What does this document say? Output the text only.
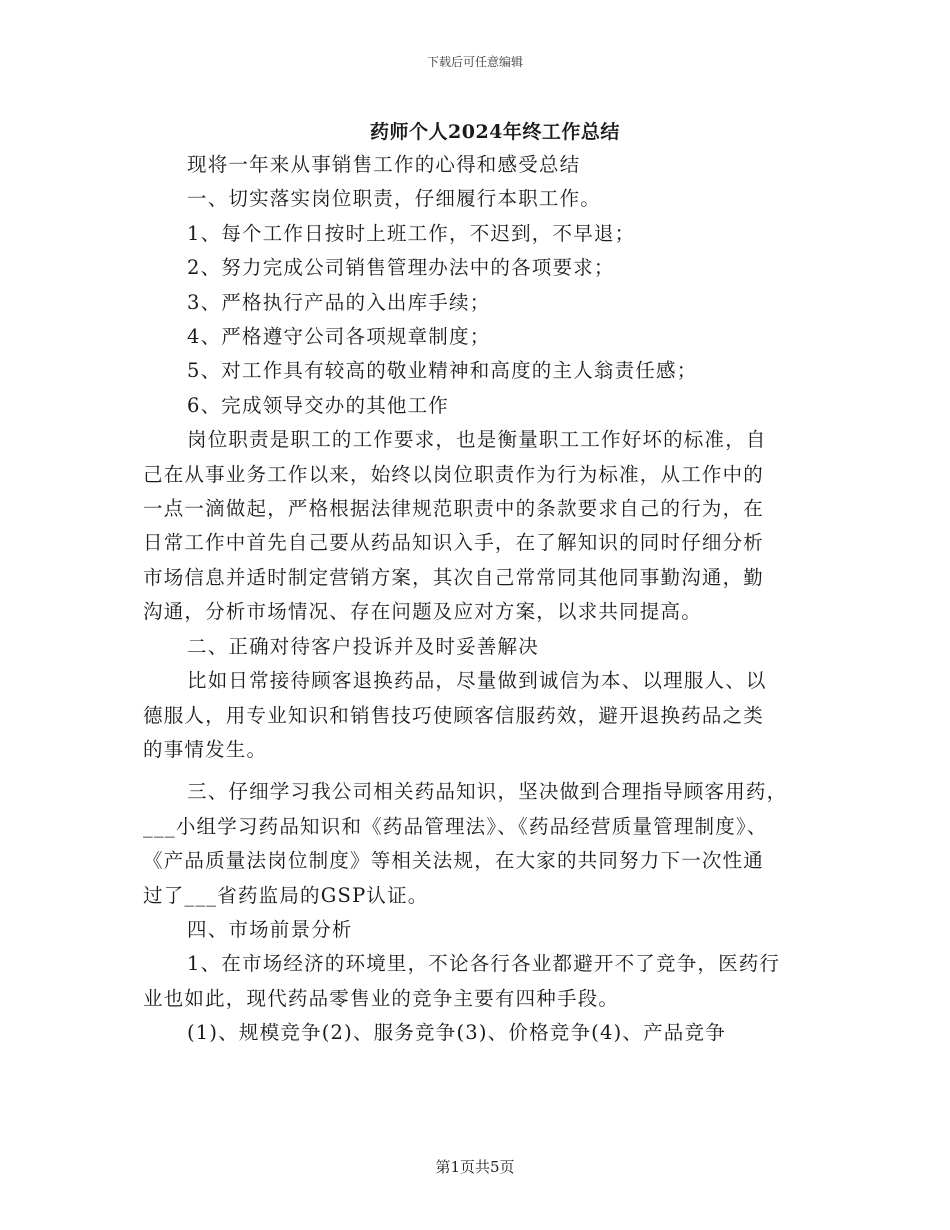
下载后可任意编辑
药师个人2024年终工作总结

现将一年来从事销售工作的心得和感受总结

一、切实落实岗位职责，仔细履行本职工作。

1、每个工作日按时上班工作，不迟到，不早退；

2、努力完成公司销售管理办法中的各项要求；

3、严格执行产品的入出库手续；

4、严格遵守公司各项规章制度；

5、对工作具有较高的敬业精神和高度的主人翁责任感；

6、完成领导交办的其他工作

岗位职责是职工的工作要求，也是衡量职工工作好坏的标准，自

己在从事业务工作以来，始终以岗位职责作为行为标准，从工作中的

一点一滴做起，严格根据法律规范职责中的条款要求自己的行为，在

日常工作中首先自己要从药品知识入手，在了解知识的同时仔细分析

市场信息并适时制定营销方案，其次自己常常同其他同事勤沟通，勤

沟通，分析市场情况、存在问题及应对方案，以求共同提高。

二、正确对待客户投诉并及时妥善解决

比如日常接待顾客退换药品，尽量做到诚信为本、以理服人、以

德服人，用专业知识和销售技巧使顾客信服药效，避开退换药品之类

的事情发生。

三、仔细学习我公司相关药品知识，坚决做到合理指导顾客用药，

___小组学习药品知识和《药品管理法》、《药品经营质量管理制度》、

《产品质量法岗位制度》等相关法规，在大家的共同努力下一次性通

过了___省药监局的GSP认证。

四、市场前景分析

1、在市场经济的环境里，不论各行各业都避开不了竞争，医药行

业也如此，现代药品零售业的竞争主要有四种手段。

(1)、规模竞争(2)、服务竞争(3)、价格竞争(4)、产品竞争

第1页共5页
